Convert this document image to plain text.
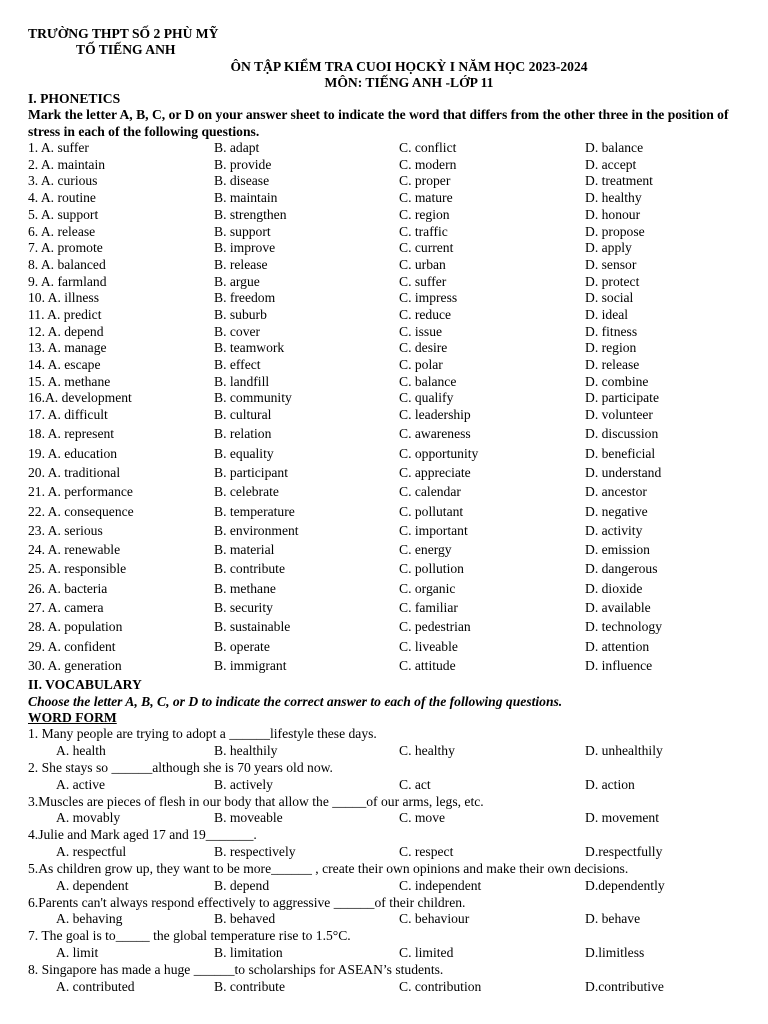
TRƯỜNG THPT SỐ 2 PHÙ MỸ
TỐ TIẾNG ANH
ÔN TẬP KIỂM TRA CUOI HỌCKỲ I NĂM HỌC 2023-2024
MÔN: TIẾNG ANH -LỚP 11
I. PHONETICS
Mark the letter A, B, C, or D on your answer sheet to indicate the word that differs from the other three in the position of stress in each of the following questions.
1. A. suffer	B. adapt	C. conflict	D. balance
2. A. maintain	B. provide	C. modern	D. accept
3. A. curious	B. disease	C. proper	D. treatment
4. A. routine	B. maintain	C. mature	D. healthy
5. A. support	B. strengthen	C. region	D. honour
6. A. release	B. support	C. traffic	D. propose
7. A. promote	B. improve	C. current	D. apply
8. A. balanced	B. release	C. urban	D. sensor
9. A. farmland	B. argue	C. suffer	D. protect
10. A. illness	B. freedom	C. impress	D. social
11. A. predict	B. suburb	C. reduce	D. ideal
12. A. depend	B. cover	C. issue	D. fitness
13. A. manage	B. teamwork	C. desire	D. region
14. A. escape	B. effect	C. polar	D. release
15. A. methane	B. landfill	C. balance	D. combine
16.A. development	B. community	C. qualify	D. participate
17. A. difficult	B. cultural	C. leadership	D. volunteer
18. A. represent	B. relation	C. awareness	D. discussion
19. A. education	B. equality	C. opportunity	D. beneficial
20. A. traditional	B. participant	C. appreciate	D. understand
21. A. performance	B. celebrate	C. calendar	D. ancestor
22. A. consequence	B. temperature	C. pollutant	D. negative
23. A. serious	B. environment	C. important	D. activity
24. A. renewable	B. material	C. energy	D. emission
25. A. responsible	B. contribute	C. pollution	D. dangerous
26. A. bacteria	B. methane	C. organic	D. dioxide
27. A. camera	B. security	C. familiar	D. available
28. A. population	B. sustainable	C. pedestrian	D. technology
29. A. confident	B. operate	C. liveable	D. attention
30. A. generation	B. immigrant	C. attitude	D. influence
II. VOCABULARY
Choose the letter A, B, C, or D to indicate the correct answer to each of the following questions.
WORD FORM
1. Many people are trying to adopt a ______lifestyle these days.
A. health	B. healthily	C. healthy	D. unhealthily
2. She stays so ______although she is 70 years old now.
A. active	B. actively	C. act	D. action
3.Muscles are pieces of flesh in our body that allow the _____of our arms, legs, etc.
A. movably	B. moveable	C. move	D. movement
4.Julie and Mark aged 17 and 19_______.
A. respectful	B. respectively	C. respect	D.respectfully
5.As children grow up, they want to be more______ , create their own opinions and make their own decisions.
A. dependent	B. depend	C. independent	D.dependently
6.Parents can't always respond effectively to aggressive ______of their children.
A. behaving	B. behaved	C. behaviour	D. behave
7. The goal is to_____ the global temperature rise to 1.5°C.
A. limit	B. limitation	C. limited	D.limitless
8. Singapore has made a huge ______to scholarships for ASEAN’s students.
A. contributed	B. contribute	C. contribution	D.contributive
